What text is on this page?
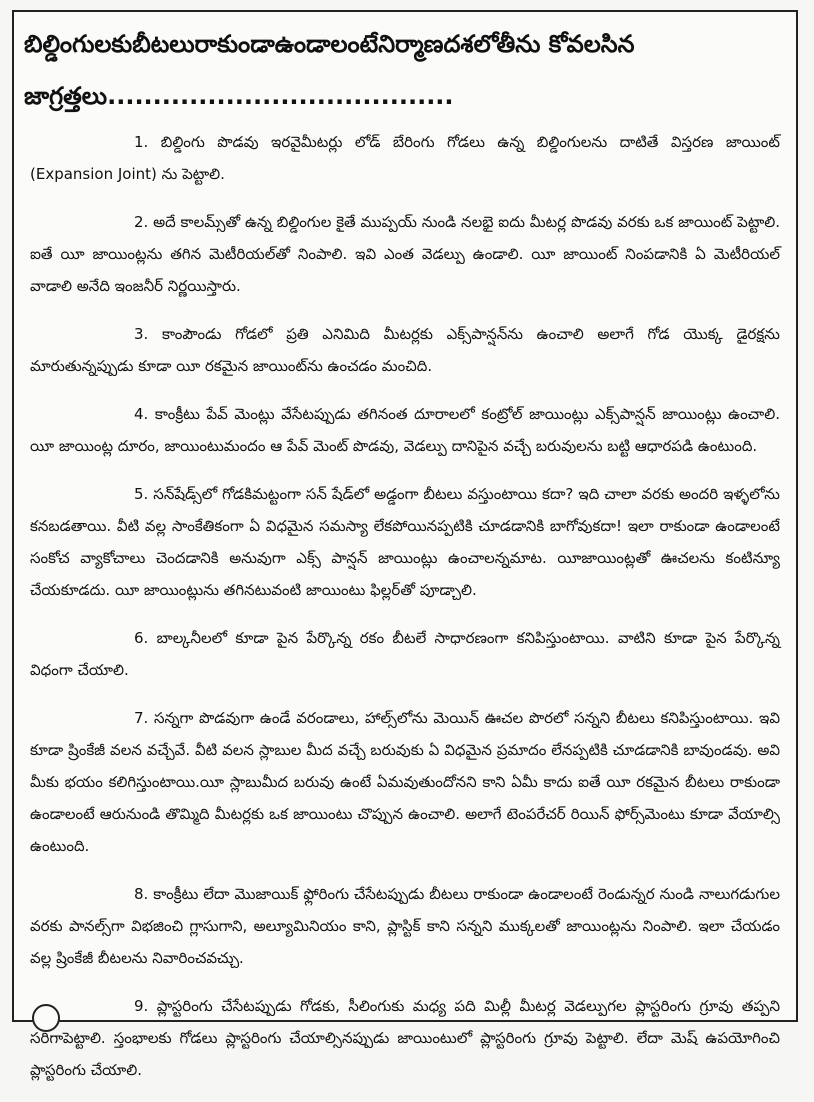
బిల్డింగులకుబీటలురాకుండాఉండాలంటేనిర్మాణదశలోతీను కోవలసిన
జాగ్రత్తలు......................................

1. బిల్డింగు పొడవు ఇరవైమీటర్లు లోడ్ బేరింగు గోడలు ఉన్న బిల్డింగులను దాటితే విస్తరణ జాయింట్ (Expansion Joint) ను పెట్టాలి.

2. అదే కాలమ్స్‌తో ఉన్న బిల్డింగుల కైతే ముప్పయ్ నుండి నలభై ఐదు మీటర్ల పొడవు వరకు ఒక జాయింట్ పెట్టాలి. ఐతే యీ జాయింట్లను తగిన మెటీరియల్‌తో నింపాలి. ఇవి ఎంత వెడల్పు ఉండాలి. యీ జాయింట్ నింపడానికి ఏ మెటీరియల్ వాడాలి అనేది ఇంజనీర్ నిర్ణయిస్తారు.

3. కాంపౌండు గోడలో ప్రతి ఎనిమిది మీటర్లకు ఎక్స్‌పాన్షన్‌ను ఉంచాలి అలాగే గోడ యొక్క డైరక్షను మారుతున్నప్పుడు కూడా యీ రకమైన జాయింట్‌ను ఉంచడం మంచిది.

4. కాంక్రీటు పేవ్ మెంట్లు వేసేటప్పుడు తగినంత దూరాలలో కంట్రోల్ జాయింట్లు ఎక్స్‌పాన్షన్ జాయింట్లు ఉంచాలి. యీ జాయింట్ల దూరం, జాయింటుమందం ఆ పేవ్ మెంట్ పొడవు, వెడల్పు దానిపైన వచ్చే బరువులను బట్టి ఆధారపడి ఉంటుంది.

5. సన్‌షేడ్స్‌లో గోడకిమట్టంగా సన్ షేడ్‌లో అడ్డంగా బీటలు వస్తుంటాయి కదా? ఇది చాలా వరకు అందరి ఇళ్ళలోను కనబడతాయి. వీటి వల్ల సాంకేతికంగా ఏ విధమైన సమస్యా లేకపోయినప్పటికి చూడడానికి బాగోవుకదా! ఇలా రాకుండా ఉండాలంటే సంకోచ వ్యాకోచాలు చెందడానికి అనువుగా ఎక్స్ పాన్షన్ జాయింట్లు ఉంచాలన్నమాట. యీజాయింట్లతో ఊచలను కంటిన్యూ చేయకూడదు. యీ జాయింట్లును తగినటువంటి జాయింటు ఫిల్లర్‌తో పూడ్చాలి.

6. బాల్కనీలలో కూడా పైన పేర్కొన్న రకం బీటలే సాధారణంగా కనిపిస్తుంటాయి. వాటిని కూడా పైన పేర్కొన్న విధంగా చేయాలి.

7. సన్నగా పొడవుగా ఉండే వరండాలు, హాల్స్‌లోను మెయిన్ ఊచల పొరలో సన్నని బీటలు కనిపిస్తుంటాయి. ఇవి కూడా ష్రింకేజీ వలన వచ్చేవే. వీటి వలన స్లాబుల మీద వచ్చే బరువుకు ఏ విధమైన ప్రమాదం లేనప్పటికి చూడడానికి బావుండవు. అవి మీకు భయం కలిగిస్తుంటాయి.యీ స్లాబుమీద బరువు ఉంటే ఏమవుతుందోనని కాని ఏమీ కాదు ఐతే యీ రకమైన బీటలు రాకుండా ఉండాలంటే ఆరునుండి తొమ్మిది మీటర్లకు ఒక జాయింటు చొప్పున ఉంచాలి. అలాగే టెంపరేచర్ రియిన్ ఫోర్స్‌మెంటు కూడా వేయాల్సి ఉంటుంది.

8. కాంక్రీటు లేదా మొజాయిక్ ఫ్లోరింగు చేసేటప్పుడు బీటలు రాకుండా ఉండాలంటే రెండున్నర నుండి నాలుగడుగుల వరకు పానల్స్‌గా విభజించి గ్లాసుగాని, అల్యూమినియం కాని, ప్లాస్టిక్ కాని సన్నని ముక్కలతో జాయింట్లను నింపాలి. ఇలా చేయడం వల్ల ష్రింకేజీ బీటలను నివారించవచ్చు.

9. ప్లాస్టరింగు చేసేటప్పుడు గోడకు, సీలింగుకు మధ్య పది మిల్లీ మీటర్ల వెడల్పుగల ప్లాస్టరింగు గ్రూవు తప్పని సరిగాపెట్టాలి. స్తంభాలకు గోడలు ప్లాస్టరింగు చేయాల్సినప్పుడు జాయింటులో ప్లాస్టరింగు గ్రూవు పెట్టాలి. లేదా మెష్ ఉపయోగించి ప్లాస్టరింగు చేయాలి.
